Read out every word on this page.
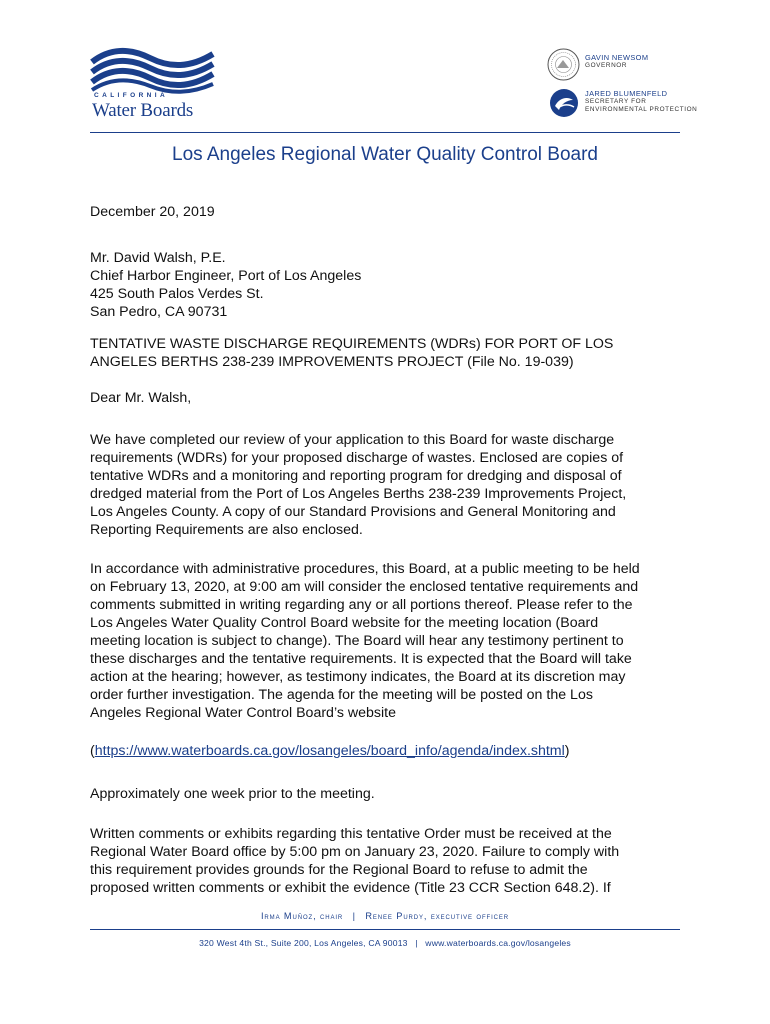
CALIFORNIA
Water Boards
GAVIN NEWSOM
GOVERNOR
JARED BLUMENFELD
SECRETARY FOR
ENVIRONMENTAL PROTECTION
Los Angeles Regional Water Quality Control Board

December 20, 2019

Mr. David Walsh, P.E.

Chief Harbor Engineer, Port of Los Angeles

425 South Palos Verdes St.

San Pedro, CA 90731

TENTATIVE WASTE DISCHARGE REQUIREMENTS (WDRs) FOR PORT OF LOS

ANGELES BERTHS 238-239 IMPROVEMENTS PROJECT (File No. 19-039)

Dear Mr. Walsh,

We have completed our review of your application to this Board for waste discharge

requirements (WDRs) for your proposed discharge of wastes. Enclosed are copies of

tentative WDRs and a monitoring and reporting program for dredging and disposal of

dredged material from the Port of Los Angeles Berths 238-239 Improvements Project,

Los Angeles County. A copy of our Standard Provisions and General Monitoring and

Reporting Requirements are also enclosed.

In accordance with administrative procedures, this Board, at a public meeting to be held

on February 13, 2020, at 9:00 am will consider the enclosed tentative requirements and

comments submitted in writing regarding any or all portions thereof. Please refer to the

Los Angeles Water Quality Control Board website for the meeting location (Board

meeting location is subject to change). The Board will hear any testimony pertinent to

these discharges and the tentative requirements. It is expected that the Board will take

action at the hearing; however, as testimony indicates, the Board at its discretion may

order further investigation. The agenda for the meeting will be posted on the Los

Angeles Regional Water Control Board’s website

(https://www.waterboards.ca.gov/losangeles/board_info/agenda/index.shtml)

Approximately one week prior to the meeting.

Written comments or exhibits regarding this tentative Order must be received at the

Regional Water Board office by 5:00 pm on January 23, 2020. Failure to comply with

this requirement provides grounds for the Regional Board to refuse to admit the

proposed written comments or exhibit the evidence (Title 23 CCR Section 648.2). If

Irma Muñoz, chair | Renee Purdy, executive officer
320 West 4th St., Suite 200, Los Angeles, CA 90013 | www.waterboards.ca.gov/losangeles
